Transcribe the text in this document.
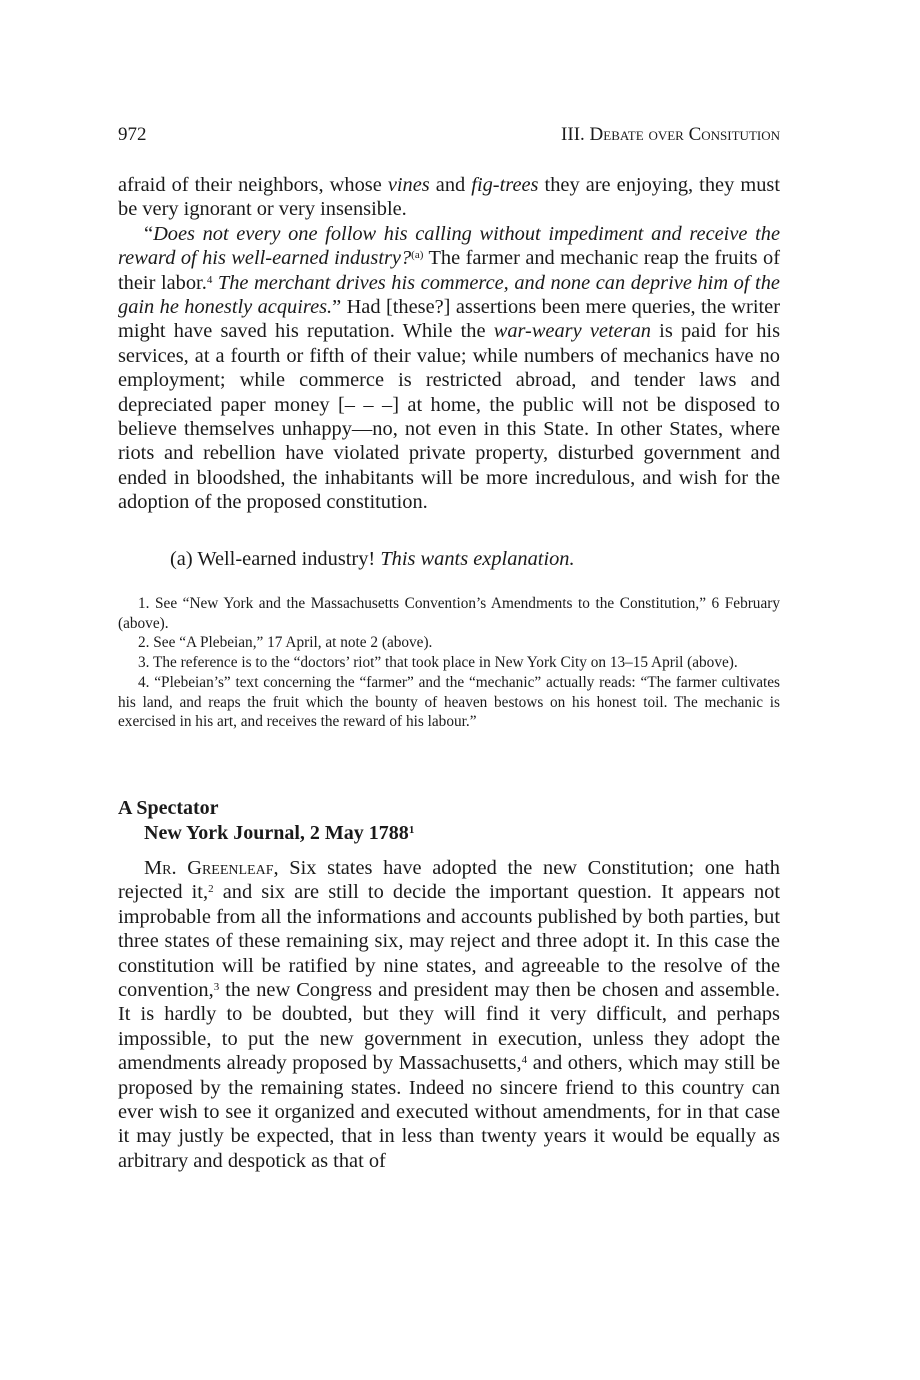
972	III. Debate over Consitution

afraid of their neighbors, whose vines and fig-trees they are enjoying, they must be very ignorant or very insensible.

“Does not every one follow his calling without impediment and receive the reward of his well-earned industry?$^{(a)}$ The farmer and mechanic reap the fruits of their labor.$^4$ The merchant drives his commerce, and none can deprive him of the gain he honestly acquires.” Had [these?] assertions been mere queries, the writer might have saved his reputation. While the war-weary veteran is paid for his services, at a fourth or fifth of their value; while numbers of mechanics have no employment; while commerce is restricted abroad, and tender laws and depreciated paper money [– – –] at home, the public will not be disposed to believe themselves unhappy—no, not even in this State. In other States, where riots and rebellion have violated private property, disturbed government and ended in bloodshed, the inhabitants will be more incredulous, and wish for the adoption of the proposed constitution.

(a) Well-earned industry! This wants explanation.

1. See “New York and the Massachusetts Convention’s Amendments to the Constitution,” 6 February (above).

2. See “A Plebeian,” 17 April, at note 2 (above).

3. The reference is to the “doctors’ riot” that took place in New York City on 13–15 April (above).

4. “Plebeian’s” text concerning the “farmer” and the “mechanic” actually reads: “The farmer cultivates his land, and reaps the fruit which the bounty of heaven bestows on his honest toil. The mechanic is exercised in his art, and receives the reward of his labour.”

A Spectator
New York Journal, 2 May 1788$^1$

Mr. Greenleaf, Six states have adopted the new Constitution; one hath rejected it,$^2$ and six are still to decide the important question. It appears not improbable from all the informations and accounts published by both parties, but three states of these remaining six, may reject and three adopt it. In this case the constitution will be ratified by nine states, and agreeable to the resolve of the convention,$^3$ the new Congress and president may then be chosen and assemble. It is hardly to be doubted, but they will find it very difficult, and perhaps impossible, to put the new government in execution, unless they adopt the amendments already proposed by Massachusetts,$^4$ and others, which may still be proposed by the remaining states. Indeed no sincere friend to this country can ever wish to see it organized and executed without amendments, for in that case it may justly be expected, that in less than twenty years it would be equally as arbitrary and despotick as that of
